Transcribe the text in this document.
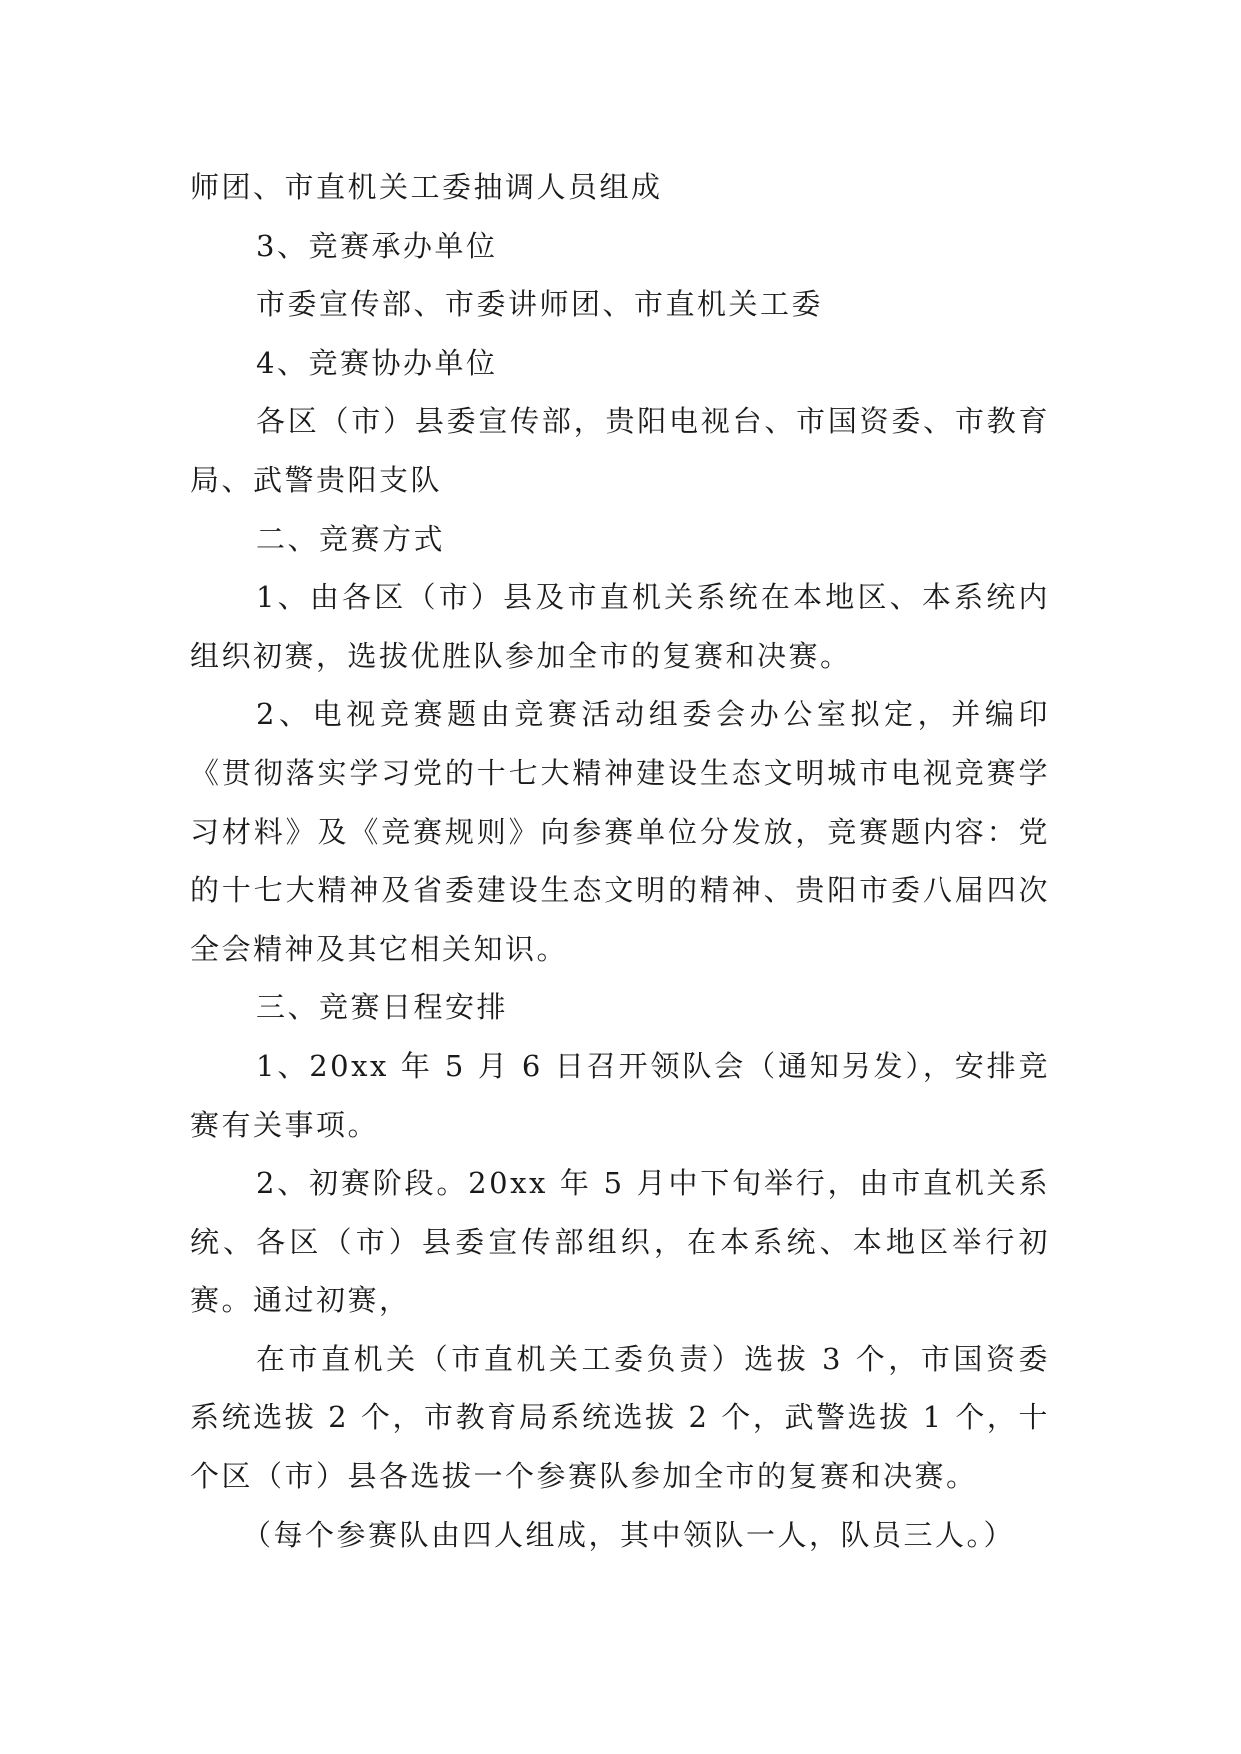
师团、市直机关工委抽调人员组成

3、竞赛承办单位

市委宣传部、市委讲师团、市直机关工委

4、竞赛协办单位

各区（市）县委宣传部，贵阳电视台、市国资委、市教育局、武警贵阳支队

二、竞赛方式

1、由各区（市）县及市直机关系统在本地区、本系统内组织初赛，选拔优胜队参加全市的复赛和决赛。

2、电视竞赛题由竞赛活动组委会办公室拟定，并编印《贯彻落实学习党的十七大精神建设生态文明城市电视竞赛学习材料》及《竞赛规则》向参赛单位分发放，竞赛题内容：党的十七大精神及省委建设生态文明的精神、贵阳市委八届四次全会精神及其它相关知识。

三、竞赛日程安排

1、20xx 年 5 月 6 日召开领队会（通知另发），安排竞赛有关事项。

2、初赛阶段。20xx 年 5 月中下旬举行，由市直机关系统、各区（市）县委宣传部组织，在本系统、本地区举行初赛。通过初赛，

在市直机关（市直机关工委负责）选拔 3 个，市国资委系统选拔 2 个，市教育局系统选拔 2 个，武警选拔 1 个，十个区（市）县各选拔一个参赛队参加全市的复赛和决赛。

（每个参赛队由四人组成，其中领队一人，队员三人。）
